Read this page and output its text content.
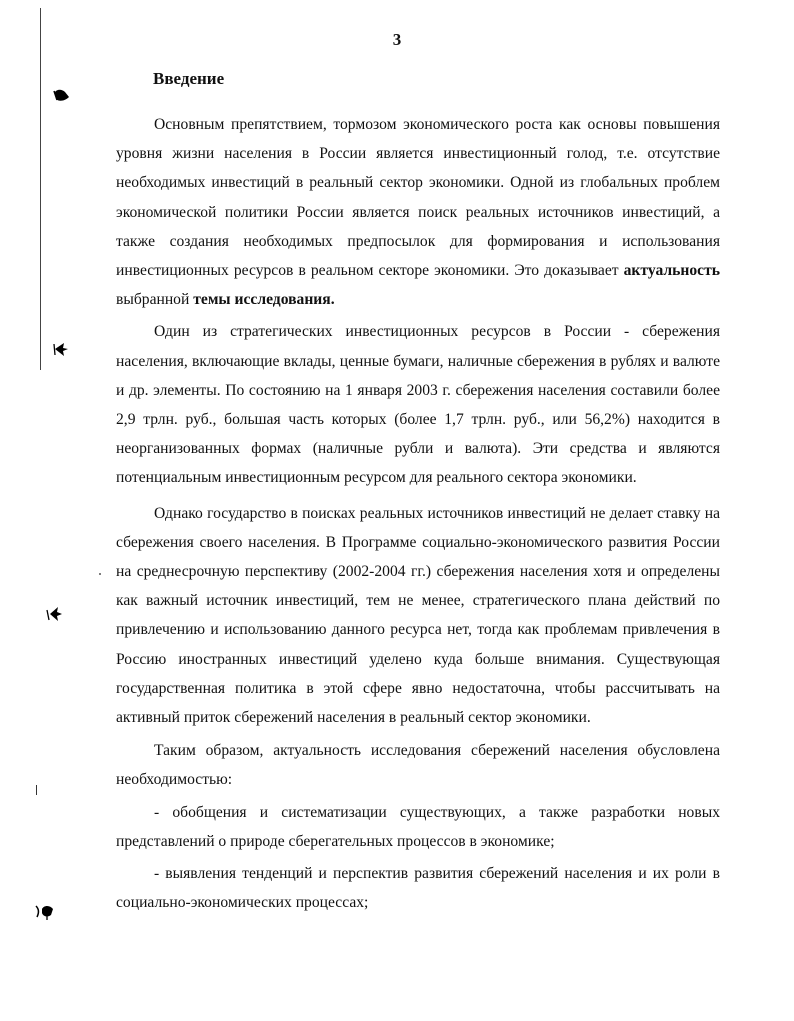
3
Введение

Основным препятствием, тормозом экономического роста как основы повышения уровня жизни населения в России является инвестиционный голод, т.е. отсутствие необходимых инвестиций в реальный сектор экономики. Одной из глобальных проблем экономической политики России является поиск реальных источников инвестиций, а также создания необходимых предпосылок для формирования и использования инвестиционных ресурсов в реальном секторе экономики. Это доказывает актуальность выбранной темы исследования.

Один из стратегических инвестиционных ресурсов в России - сбережения населения, включающие вклады, ценные бумаги, наличные сбережения в рублях и валюте и др. элементы. По состоянию на 1 января 2003 г. сбережения населения составили более 2,9 трлн. руб., большая часть которых (более 1,7 трлн. руб., или 56,2%) находится в неорганизованных формах (наличные рубли и валюта). Эти средства и являются потенциальным инвестиционным ресурсом для реального сектора экономики.

Однако государство в поисках реальных источников инвестиций не делает ставку на сбережения своего населения. В Программе социально-экономического развития России на среднесрочную перспективу (2002-2004 гг.) сбережения населения хотя и определены как важный источник инвестиций, тем не менее, стратегического плана действий по привлечению и использованию данного ресурса нет, тогда как проблемам привлечения в Россию иностранных инвестиций уделено куда больше внимания. Существующая государственная политика в этой сфере явно недостаточна, чтобы рассчитывать на активный приток сбережений населения в реальный сектор экономики.

Таким образом, актуальность исследования сбережений населения обусловлена необходимостью:

- обобщения и систематизации существующих, а также разработки новых представлений о природе сберегательных процессов в экономике;

- выявления тенденций и перспектив развития сбережений населения и их роли в социально-экономических процессах;
